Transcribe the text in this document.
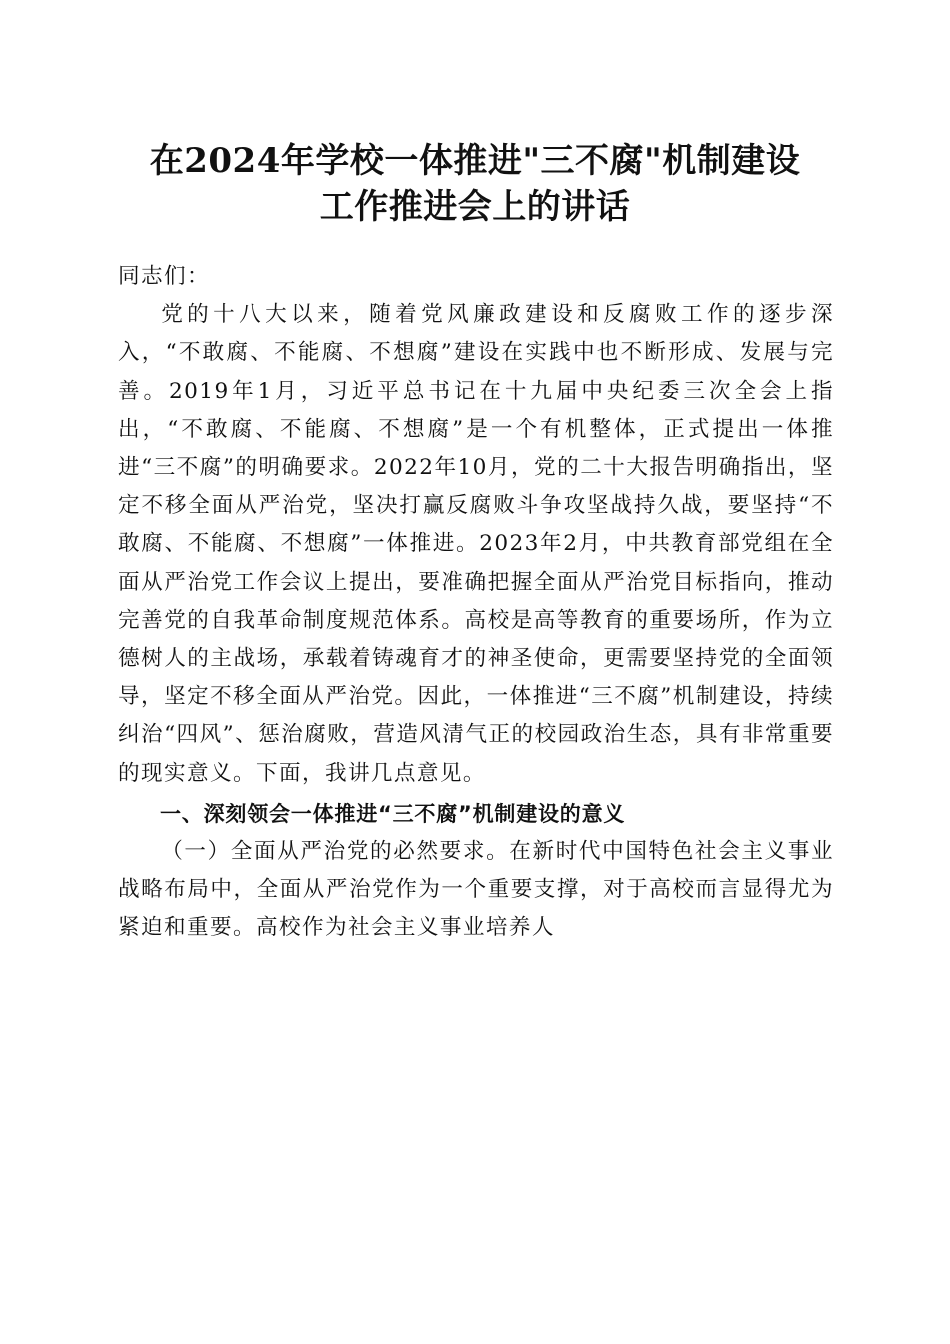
在2024年学校一体推进"三不腐"机制建设
工作推进会上的讲话

同志们：

党的十八大以来，随着党风廉政建设和反腐败工作的逐步深入，“不敢腐、不能腐、不想腐”建设在实践中也不断形成、发展与完善。2019年1月，习近平总书记在十九届中央纪委三次全会上指出，“不敢腐、不能腐、不想腐”是一个有机整体，正式提出一体推进“三不腐”的明确要求。2022年10月，党的二十大报告明确指出，坚定不移全面从严治党，坚决打赢反腐败斗争攻坚战持久战，要坚持“不敢腐、不能腐、不想腐”一体推进。2023年2月，中共教育部党组在全面从严治党工作会议上提出，要准确把握全面从严治党目标指向，推动完善党的自我革命制度规范体系。高校是高等教育的重要场所，作为立德树人的主战场，承载着铸魂育才的神圣使命，更需要坚持党的全面领导，坚定不移全面从严治党。因此，一体推进“三不腐”机制建设，持续纠治“四风”、惩治腐败，营造风清气正的校园政治生态，具有非常重要的现实意义。下面，我讲几点意见。

一、深刻领会一体推进“三不腐”机制建设的意义

（一）全面从严治党的必然要求。在新时代中国特色社会主义事业战略布局中，全面从严治党作为一个重要支撑，对于高校而言显得尤为紧迫和重要。高校作为社会主义事业培养人
